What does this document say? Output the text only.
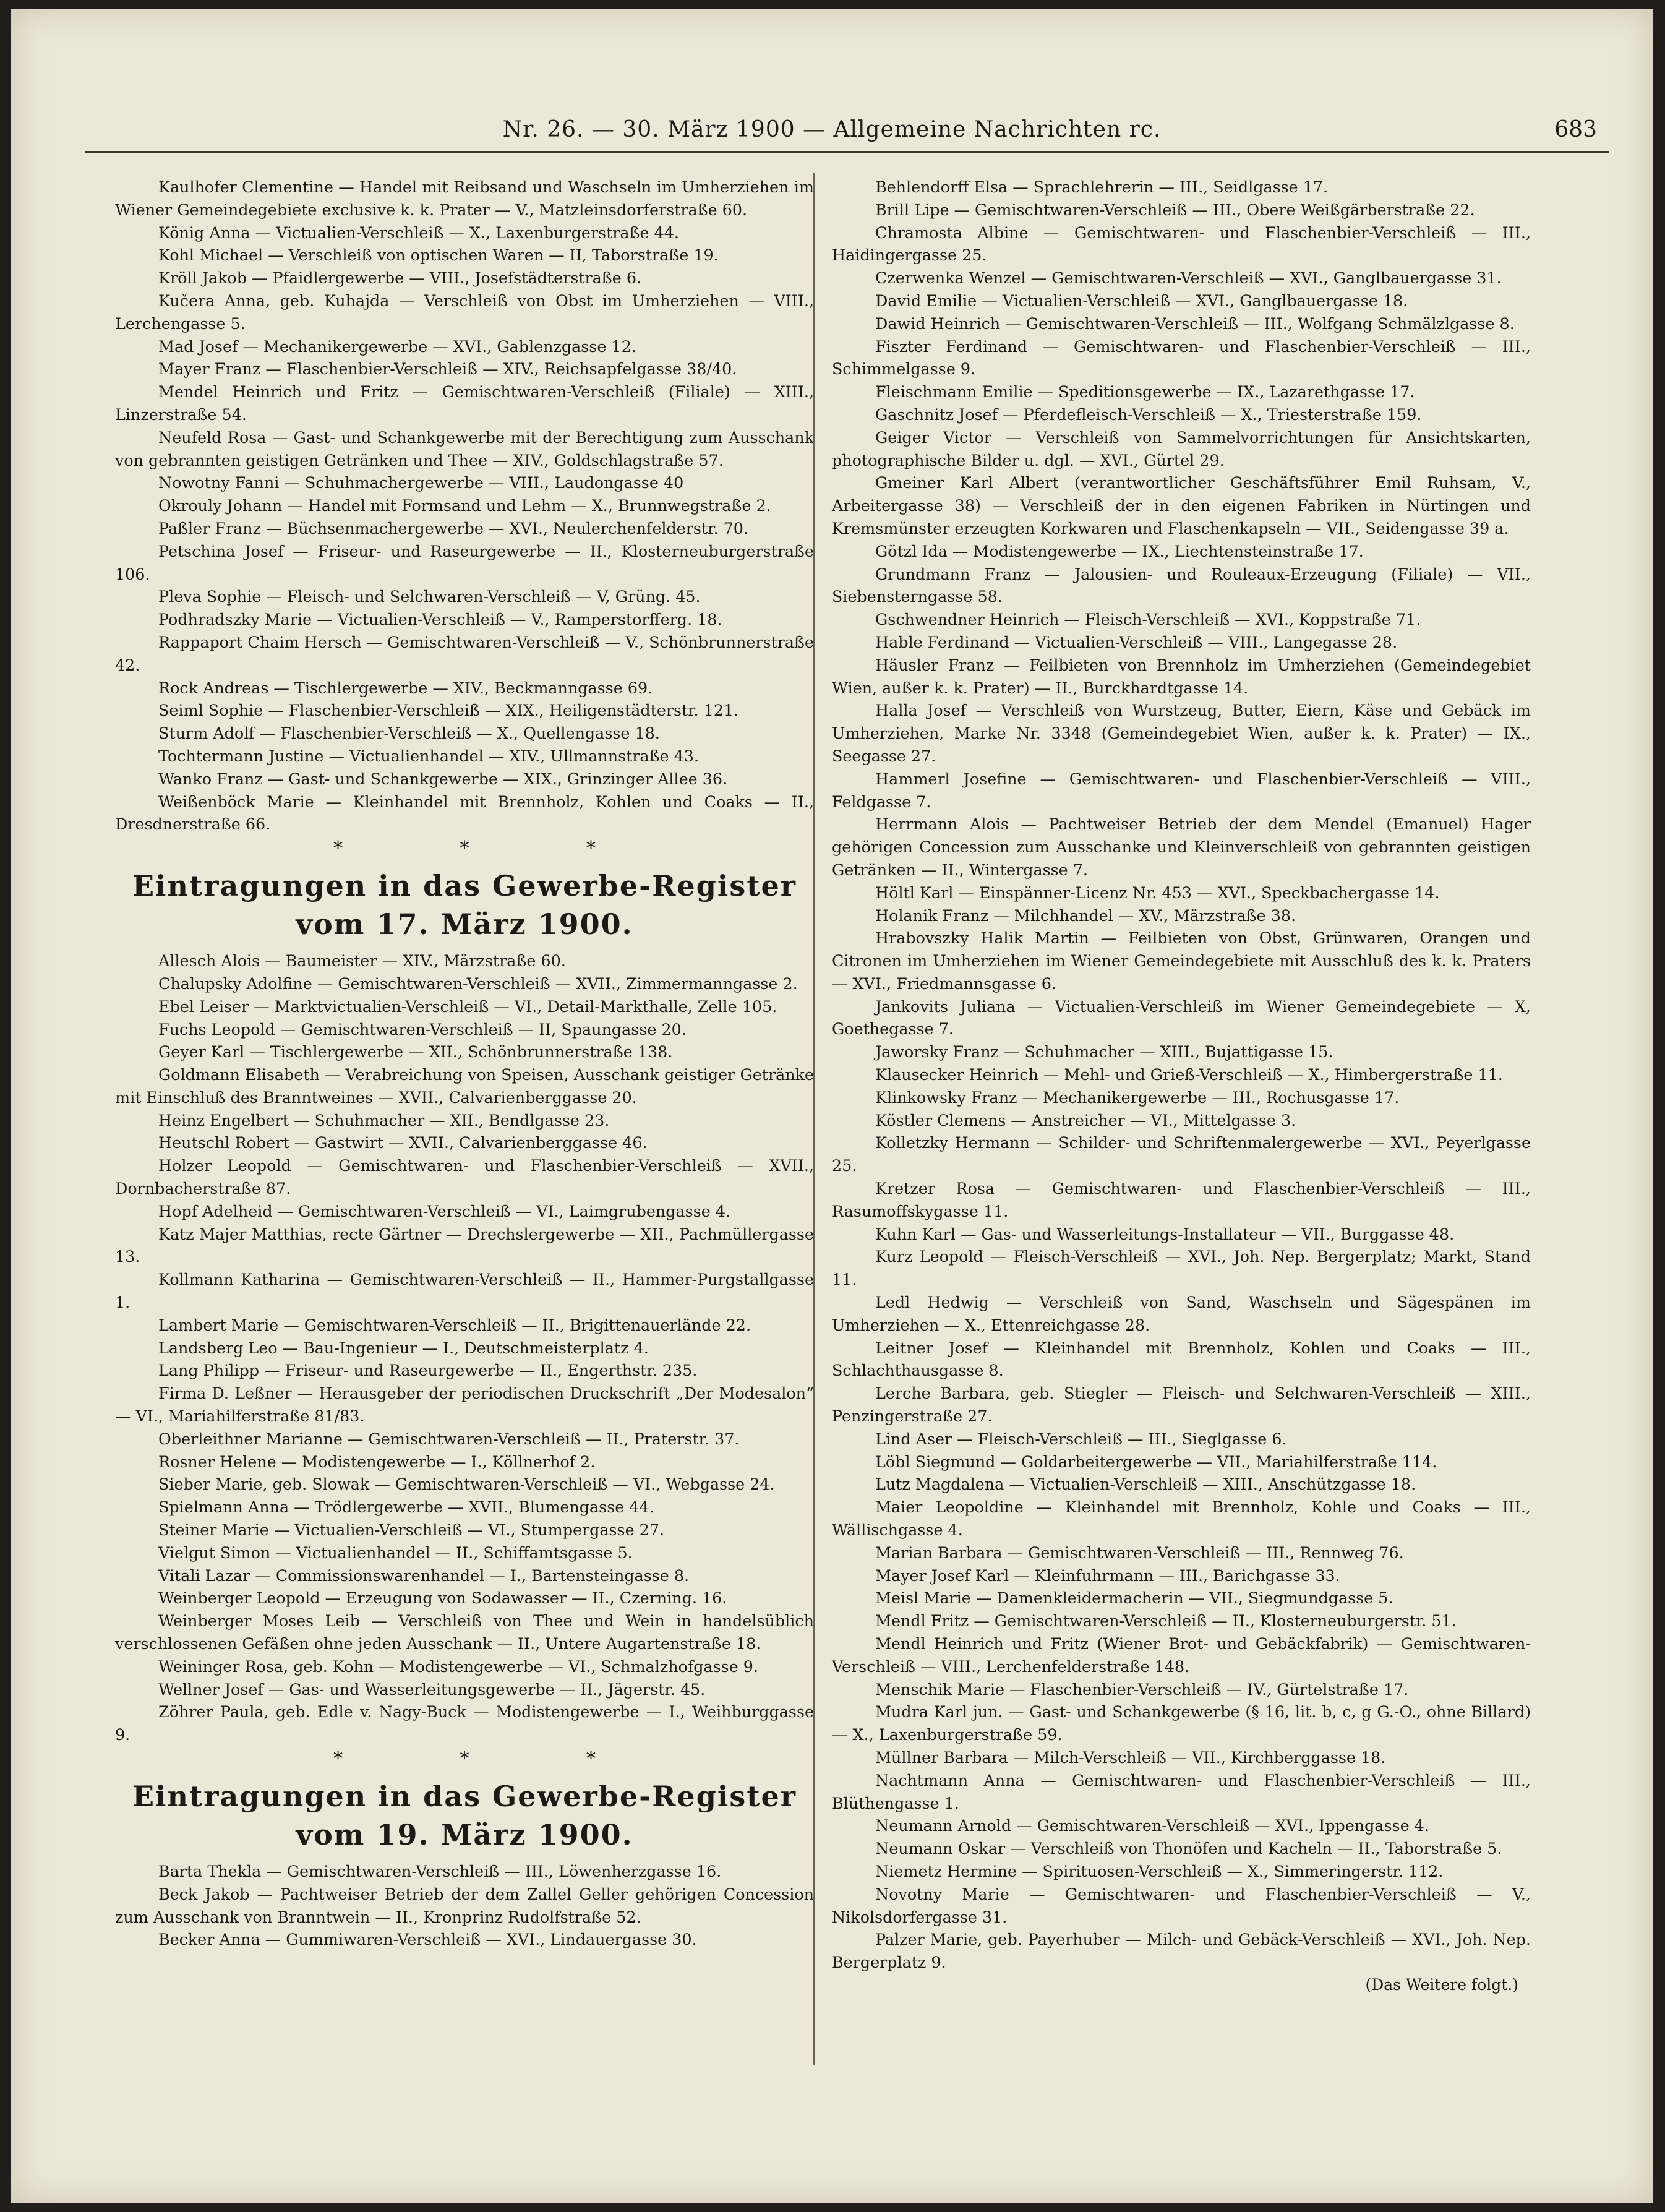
Nr. 26. — 30. März 1900 — Allgemeine Nachrichten rc.	683

Kaulhofer Clementine — Handel mit Reibsand und Waschseln im Umherziehen im Wiener Gemeindegebiete exclusive k. k. Prater — V., Matzleinsdorferstraße 60.

König Anna — Victualien-Verschleiß — X., Laxenburgerstraße 44.

Kohl Michael — Verschleiß von optischen Waren — II, Taborstraße 19.

Kröll Jakob — Pfaidlergewerbe — VIII., Josefstädterstraße 6.

Kučera Anna, geb. Kuhajda — Verschleiß von Obst im Umherziehen — VIII., Lerchengasse 5.

Mad Josef — Mechanikergewerbe — XVI., Gablenzgasse 12.

Mayer Franz — Flaschenbier-Verschleiß — XIV., Reichsapfelgasse 38/40.

Mendel Heinrich und Fritz — Gemischtwaren-Verschleiß (Filiale) — XIII., Linzerstraße 54.

Neufeld Rosa — Gast- und Schankgewerbe mit der Berechtigung zum Ausschank von gebrannten geistigen Getränken und Thee — XIV., Goldschlagstraße 57.

Nowotny Fanni — Schuhmachergewerbe — VIII., Laudongasse 40

Okrouly Johann — Handel mit Formsand und Lehm — X., Brunnwegstraße 2.

Paßler Franz — Büchsenmachergewerbe — XVI., Neulerchenfelderstr. 70.

Petschina Josef — Friseur- und Raseurgewerbe — II., Klosterneuburgerstraße 106.

Pleva Sophie — Fleisch- und Selchwaren-Verschleiß — V, Grüng. 45.

Podhradszky Marie — Victualien-Verschleiß — V., Ramperstorfferg. 18.

Rappaport Chaim Hersch — Gemischtwaren-Verschleiß — V., Schönbrunnerstraße 42.

Rock Andreas — Tischlergewerbe — XIV., Beckmanngasse 69.

Seiml Sophie — Flaschenbier-Verschleiß — XIX., Heiligenstädterstr. 121.

Sturm Adolf — Flaschenbier-Verschleiß — X., Quellengasse 18.

Tochtermann Justine — Victualienhandel — XIV., Ullmannstraße 43.

Wanko Franz — Gast- und Schankgewerbe — XIX., Grinzinger Allee 36.

Weißenböck Marie — Kleinhandel mit Brennholz, Kohlen und Coaks — II., Dresdnerstraße 66.

* * *
Eintragungen in das Gewerbe-Register
vom 17. März 1900.

Allesch Alois — Baumeister — XIV., Märzstraße 60.

Chalupsky Adolfine — Gemischtwaren-Verschleiß — XVII., Zimmermanngasse 2.

Ebel Leiser — Marktvictualien-Verschleiß — VI., Detail-Markthalle, Zelle 105.

Fuchs Leopold — Gemischtwaren-Verschleiß — II, Spaungasse 20.

Geyer Karl — Tischlergewerbe — XII., Schönbrunnerstraße 138.

Goldmann Elisabeth — Verabreichung von Speisen, Ausschank geistiger Getränke mit Einschluß des Branntweines — XVII., Calvarienberggasse 20.

Heinz Engelbert — Schuhmacher — XII., Bendlgasse 23.

Heutschl Robert — Gastwirt — XVII., Calvarienberggasse 46.

Holzer Leopold — Gemischtwaren- und Flaschenbier-Verschleiß — XVII., Dornbacherstraße 87.

Hopf Adelheid — Gemischtwaren-Verschleiß — VI., Laimgrubengasse 4.

Katz Majer Matthias, recte Gärtner — Drechslergewerbe — XII., Pachmüllergasse 13.

Kollmann Katharina — Gemischtwaren-Verschleiß — II., Hammer-Purgstallgasse 1.

Lambert Marie — Gemischtwaren-Verschleiß — II., Brigittenauerlände 22.

Landsberg Leo — Bau-Ingenieur — I., Deutschmeisterplatz 4.

Lang Philipp — Friseur- und Raseurgewerbe — II., Engerthstr. 235.

Firma D. Leßner — Herausgeber der periodischen Druckschrift „Der Modesalon“ — VI., Mariahilferstraße 81/83.

Oberleithner Marianne — Gemischtwaren-Verschleiß — II., Praterstr. 37.

Rosner Helene — Modistengewerbe — I., Köllnerhof 2.

Sieber Marie, geb. Slowak — Gemischtwaren-Verschleiß — VI., Webgasse 24.

Spielmann Anna — Trödlergewerbe — XVII., Blumengasse 44.

Steiner Marie — Victualien-Verschleiß — VI., Stumpergasse 27.

Vielgut Simon — Victualienhandel — II., Schiffamtsgasse 5.

Vitali Lazar — Commissionswarenhandel — I., Bartensteingasse 8.

Weinberger Leopold — Erzeugung von Sodawasser — II., Czerning. 16.

Weinberger Moses Leib — Verschleiß von Thee und Wein in handelsüblich verschlossenen Gefäßen ohne jeden Ausschank — II., Untere Augartenstraße 18.

Weininger Rosa, geb. Kohn — Modistengewerbe — VI., Schmalzhofgasse 9.

Wellner Josef — Gas- und Wasserleitungsgewerbe — II., Jägerstr. 45.

Zöhrer Paula, geb. Edle v. Nagy-Buck — Modistengewerbe — I., Weihburggasse 9.

* * *
Eintragungen in das Gewerbe-Register
vom 19. März 1900.

Barta Thekla — Gemischtwaren-Verschleiß — III., Löwenherzgasse 16.

Beck Jakob — Pachtweiser Betrieb der dem Zallel Geller gehörigen Concession zum Ausschank von Branntwein — II., Kronprinz Rudolfstraße 52.

Becker Anna — Gummiwaren-Verschleiß — XVI., Lindauergasse 30.

Behlendorff Elsa — Sprachlehrerin — III., Seidlgasse 17.

Brill Lipe — Gemischtwaren-Verschleiß — III., Obere Weißgärberstraße 22.

Chramosta Albine — Gemischtwaren- und Flaschenbier-Verschleiß — III., Haidingergasse 25.

Czerwenka Wenzel — Gemischtwaren-Verschleiß — XVI., Ganglbauergasse 31.

David Emilie — Victualien-Verschleiß — XVI., Ganglbauergasse 18.

Dawid Heinrich — Gemischtwaren-Verschleiß — III., Wolfgang Schmälzlgasse 8.

Fiszter Ferdinand — Gemischtwaren- und Flaschenbier-Verschleiß — III., Schimmelgasse 9.

Fleischmann Emilie — Speditionsgewerbe — IX., Lazarethgasse 17.

Gaschnitz Josef — Pferdefleisch-Verschleiß — X., Triesterstraße 159.

Geiger Victor — Verschleiß von Sammelvorrichtungen für Ansichtskarten, photographische Bilder u. dgl. — XVI., Gürtel 29.

Gmeiner Karl Albert (verantwortlicher Geschäftsführer Emil Ruhsam, V., Arbeitergasse 38) — Verschleiß der in den eigenen Fabriken in Nürtingen und Kremsmünster erzeugten Korkwaren und Flaschenkapseln — VII., Seidengasse 39 a.

Götzl Ida — Modistengewerbe — IX., Liechtensteinstraße 17.

Grundmann Franz — Jalousien- und Rouleaux-Erzeugung (Filiale) — VII., Siebensterngasse 58.

Gschwendner Heinrich — Fleisch-Verschleiß — XVI., Koppstraße 71.

Hable Ferdinand — Victualien-Verschleiß — VIII., Langegasse 28.

Häusler Franz — Feilbieten von Brennholz im Umherziehen (Gemeindegebiet Wien, außer k. k. Prater) — II., Burckhardtgasse 14.

Halla Josef — Verschleiß von Wurstzeug, Butter, Eiern, Käse und Gebäck im Umherziehen, Marke Nr. 3348 (Gemeindegebiet Wien, außer k. k. Prater) — IX., Seegasse 27.

Hammerl Josefine — Gemischtwaren- und Flaschenbier-Verschleiß — VIII., Feldgasse 7.

Herrmann Alois — Pachtweiser Betrieb der dem Mendel (Emanuel) Hager gehörigen Concession zum Ausschanke und Kleinverschleiß von gebrannten geistigen Getränken — II., Wintergasse 7.

Höltl Karl — Einspänner-Licenz Nr. 453 — XVI., Speckbachergasse 14.

Holanik Franz — Milchhandel — XV., Märzstraße 38.

Hrabovszky Halik Martin — Feilbieten von Obst, Grünwaren, Orangen und Citronen im Umherziehen im Wiener Gemeindegebiete mit Ausschluß des k. k. Praters — XVI., Friedmannsgasse 6.

Jankovits Juliana — Victualien-Verschleiß im Wiener Gemeindegebiete — X, Goethegasse 7.

Jaworsky Franz — Schuhmacher — XIII., Bujattigasse 15.

Klausecker Heinrich — Mehl- und Grieß-Verschleiß — X., Himbergerstraße 11.

Klinkowsky Franz — Mechanikergewerbe — III., Rochusgasse 17.

Köstler Clemens — Anstreicher — VI., Mittelgasse 3.

Kolletzky Hermann — Schilder- und Schriftenmalergewerbe — XVI., Peyerlgasse 25.

Kretzer Rosa — Gemischtwaren- und Flaschenbier-Verschleiß — III., Rasumoffskygasse 11.

Kuhn Karl — Gas- und Wasserleitungs-Installateur — VII., Burggasse 48.

Kurz Leopold — Fleisch-Verschleiß — XVI., Joh. Nep. Bergerplatz; Markt, Stand 11.

Ledl Hedwig — Verschleiß von Sand, Waschseln und Sägespänen im Umherziehen — X., Ettenreichgasse 28.

Leitner Josef — Kleinhandel mit Brennholz, Kohlen und Coaks — III., Schlachthausgasse 8.

Lerche Barbara, geb. Stiegler — Fleisch- und Selchwaren-Verschleiß — XIII., Penzingerstraße 27.

Lind Aser — Fleisch-Verschleiß — III., Sieglgasse 6.

Löbl Siegmund — Goldarbeitergewerbe — VII., Mariahilferstraße 114.

Lutz Magdalena — Victualien-Verschleiß — XIII., Anschützgasse 18.

Maier Leopoldine — Kleinhandel mit Brennholz, Kohle und Coaks — III., Wällischgasse 4.

Marian Barbara — Gemischtwaren-Verschleiß — III., Rennweg 76.

Mayer Josef Karl — Kleinfuhrmann — III., Barichgasse 33.

Meisl Marie — Damenkleidermacherin — VII., Siegmundgasse 5.

Mendl Fritz — Gemischtwaren-Verschleiß — II., Klosterneuburgerstr. 51.

Mendl Heinrich und Fritz (Wiener Brot- und Gebäckfabrik) — Gemischtwaren-Verschleiß — VIII., Lerchenfelderstraße 148.

Menschik Marie — Flaschenbier-Verschleiß — IV., Gürtelstraße 17.

Mudra Karl jun. — Gast- und Schankgewerbe (§ 16, lit. b, c, g G.-O., ohne Billard) — X., Laxenburgerstraße 59.

Müllner Barbara — Milch-Verschleiß — VII., Kirchberggasse 18.

Nachtmann Anna — Gemischtwaren- und Flaschenbier-Verschleiß — III., Blüthengasse 1.

Neumann Arnold — Gemischtwaren-Verschleiß — XVI., Ippengasse 4.

Neumann Oskar — Verschleiß von Thonöfen und Kacheln — II., Taborstraße 5.

Niemetz Hermine — Spirituosen-Verschleiß — X., Simmeringerstr. 112.

Novotny Marie — Gemischtwaren- und Flaschenbier-Verschleiß — V., Nikolsdorfergasse 31.

Palzer Marie, geb. Payerhuber — Milch- und Gebäck-Verschleiß — XVI., Joh. Nep. Bergerplatz 9.

(Das Weitere folgt.)
